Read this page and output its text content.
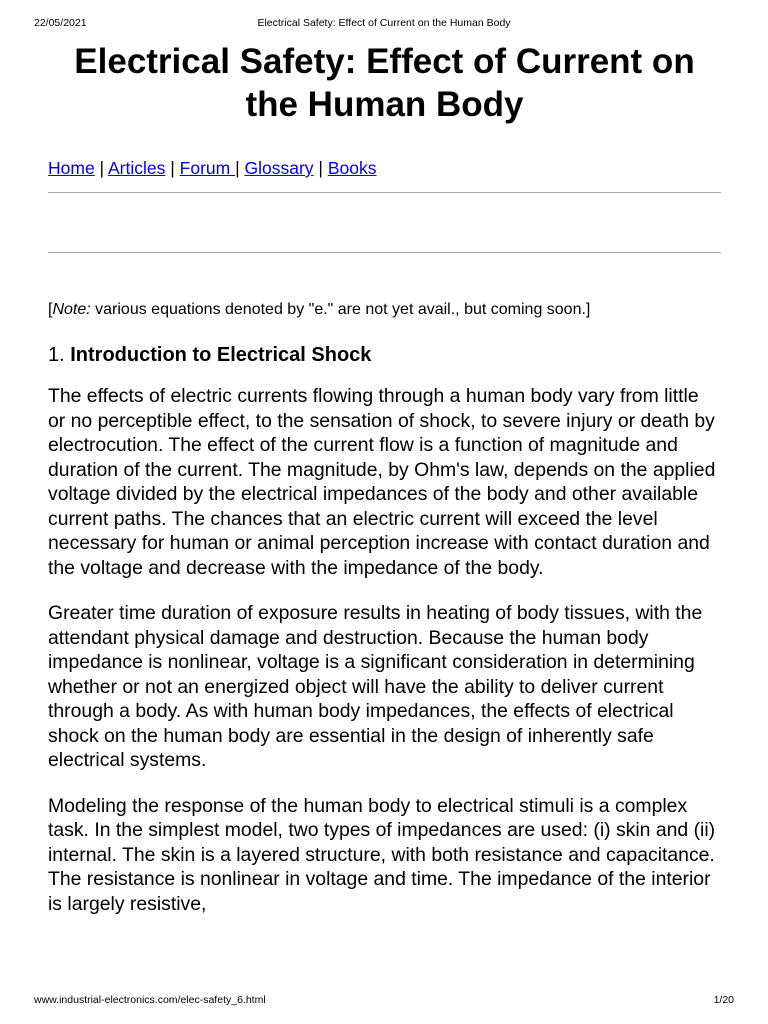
22/05/2021	Electrical Safety: Effect of Current on the Human Body
Electrical Safety: Effect of Current on the Human Body
Home | Articles | Forum | Glossary | Books
[Note: various equations denoted by "e." are not yet avail., but coming soon.]
1. Introduction to Electrical Shock

The effects of electric currents flowing through a human body vary from little or no perceptible effect, to the sensation of shock, to severe injury or death by electrocution. The effect of the current flow is a function of magnitude and duration of the current. The magnitude, by Ohm's law, depends on the applied voltage divided by the electrical impedances of the body and other available current paths. The chances that an electric current will exceed the level necessary for human or animal perception increase with contact duration and the voltage and decrease with the impedance of the body.

Greater time duration of exposure results in heating of body tissues, with the attendant physical damage and destruction. Because the human body impedance is nonlinear, voltage is a significant consideration in determining whether or not an energized object will have the ability to deliver current through a body. As with human body impedances, the effects of electrical shock on the human body are essential in the design of inherently safe electrical systems.

Modeling the response of the human body to electrical stimuli is a complex task. In the simplest model, two types of impedances are used: (i) skin and (ii) internal. The skin is a layered structure, with both resistance and capacitance. The resistance is nonlinear in voltage and time. The impedance of the interior is largely resistive,

www.industrial-electronics.com/elec-safety_6.html	1/20
